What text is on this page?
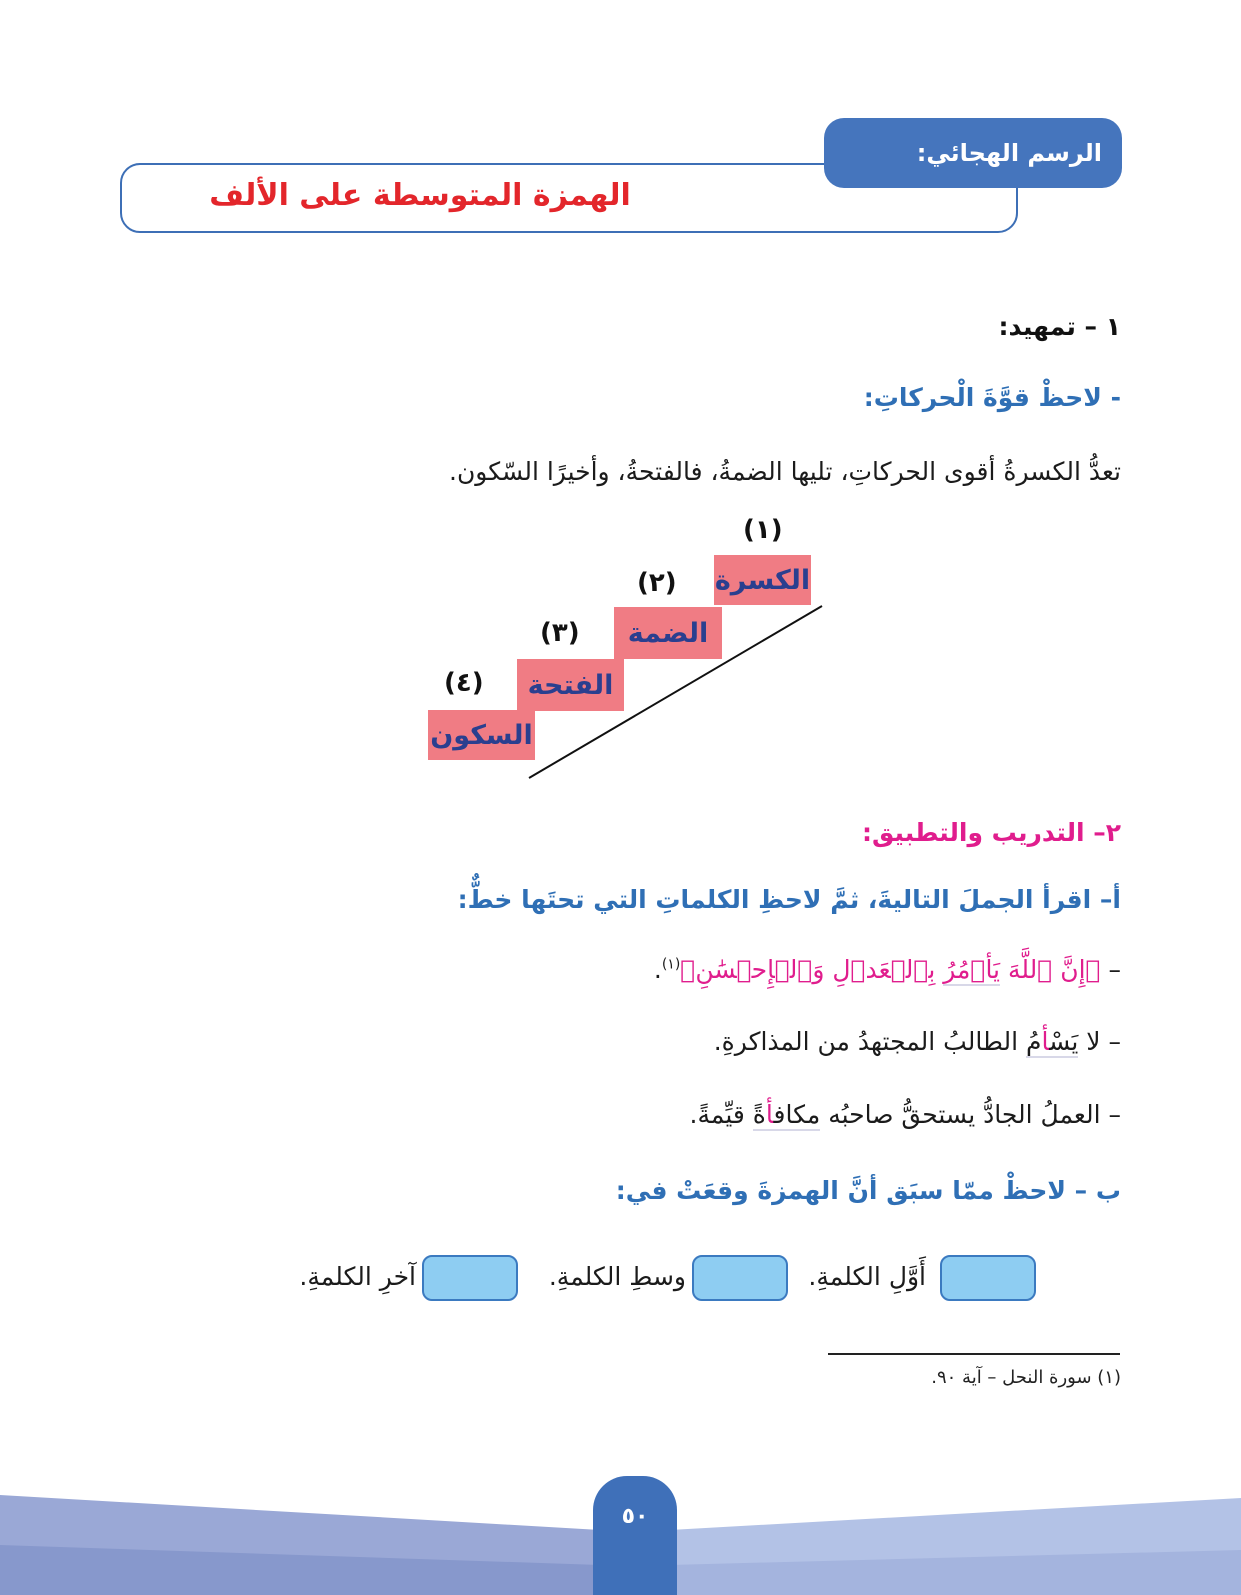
الهمزة المتوسطة على الألف
الرسم الهجائي:
١ – تمهيد:
- لاحظْ قوَّةَ الْحركاتِ:
تعدُّ الكسرةُ أقوى الحركاتِ، تليها الضمةُ، فالفتحةُ، وأخيرًا السّكون.
الكسرة
(١)
الضمة
(٢)
الفتحة
(٣)
السكون
(٤)
٢– التدريب والتطبيق:
أ– اقرأ الجملَ التاليةَ، ثمَّ لاحظِ الكلماتِ التي تحتَها خطٌّ:
– ﴿إِنَّ ٱللَّهَ يَأۡمُرُ بِٱلۡعَدۡلِ وَٱلۡإِحۡسَٰنِ﴾$^{(١)}$.
– لا يَسْأمُ الطالبُ المجتهدُ من المذاكرةِ.
– العملُ الجادُّ يستحقُّ صاحبُه مكافأةً قيِّمةً.
ب – لاحظْ ممّا سبَق أنَّ الهمزةَ وقعَتْ في:
أَوَّلِ الكلمةِ.
وسطِ الكلمةِ.
آخرِ الكلمةِ.
(١) سورة النحل – آية ٩٠.
٥٠
